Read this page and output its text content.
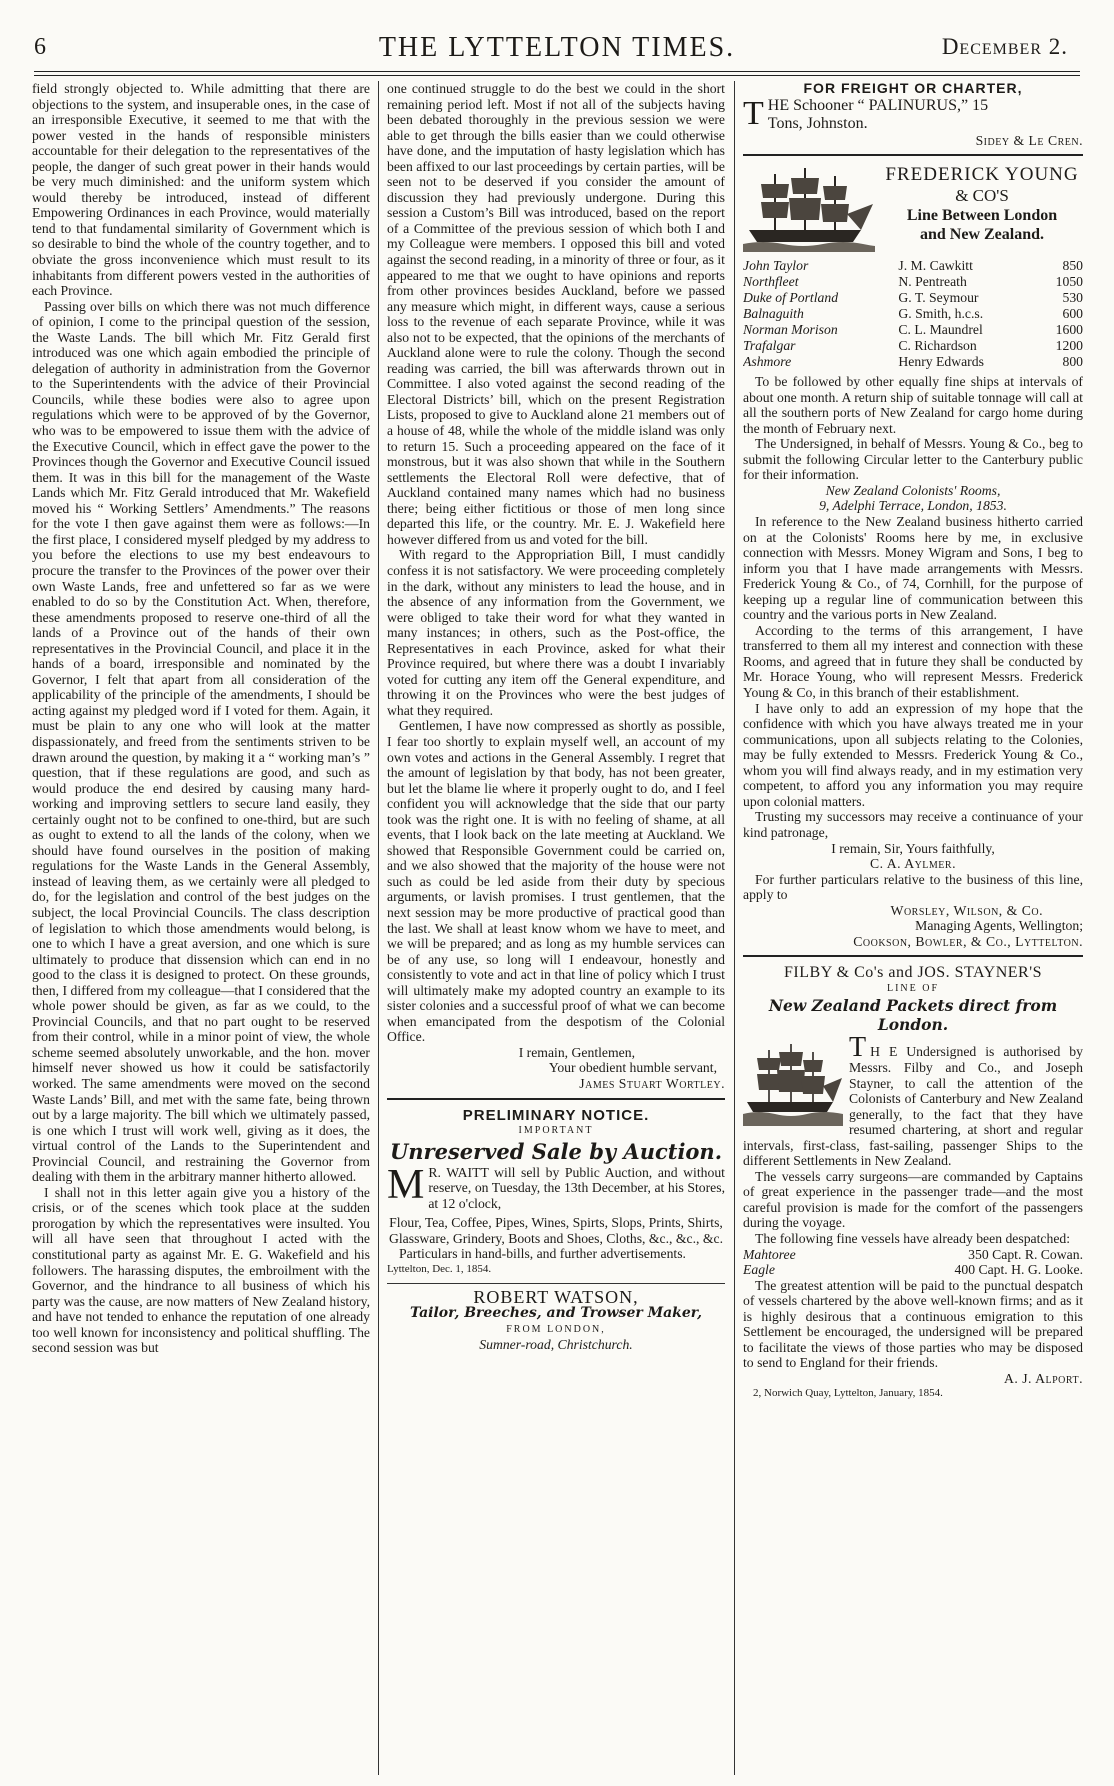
6	THE LYTTELTON TIMES.	December 2.

field strongly objected to. While admitting that there are objections to the system, and insuperable ones, in the case of an irresponsible Executive, it seemed to me that with the power vested in the hands of responsible ministers accountable for their delegation to the representatives of the people, the danger of such great power in their hands would be very much diminished: and the uniform system which would thereby be introduced, instead of different Empowering Ordinances in each Province, would materially tend to that fundamental similarity of Government which is so desirable to bind the whole of the country together, and to obviate the gross inconvenience which must result to its inhabitants from different powers vested in the authorities of each Province.

Passing over bills on which there was not much difference of opinion, I come to the principal question of the session, the Waste Lands. The bill which Mr. Fitz Gerald first introduced was one which again embodied the principle of delegation of authority in administration from the Governor to the Superintendents with the advice of their Provincial Councils, while these bodies were also to agree upon regulations which were to be approved of by the Governor, who was to be empowered to issue them with the advice of the Executive Council, which in effect gave the power to the Provinces though the Governor and Executive Council issued them. It was in this bill for the management of the Waste Lands which Mr. Fitz Gerald introduced that Mr. Wakefield moved his “ Working Settlers’ Amendments.” The reasons for the vote I then gave against them were as follows:—In the first place, I considered myself pledged by my address to you before the elections to use my best endeavours to procure the transfer to the Provinces of the power over their own Waste Lands, free and unfettered so far as we were enabled to do so by the Constitution Act. When, therefore, these amendments proposed to reserve one-third of all the lands of a Province out of the hands of their own representatives in the Provincial Council, and place it in the hands of a board, irresponsible and nominated by the Governor, I felt that apart from all consideration of the applicability of the principle of the amendments, I should be acting against my pledged word if I voted for them. Again, it must be plain to any one who will look at the matter dispassionately, and freed from the sentiments striven to be drawn around the question, by making it a “ working man’s ” question, that if these regulations are good, and such as would produce the end desired by causing many hard-working and improving settlers to secure land easily, they certainly ought not to be confined to one-third, but are such as ought to extend to all the lands of the colony, when we should have found ourselves in the position of making regulations for the Waste Lands in the General Assembly, instead of leaving them, as we certainly were all pledged to do, for the legislation and control of the best judges on the subject, the local Provincial Councils. The class description of legislation to which those amendments would belong, is one to which I have a great aversion, and one which is sure ultimately to produce that dissension which can end in no good to the class it is designed to protect. On these grounds, then, I differed from my colleague—that I considered that the whole power should be given, as far as we could, to the Provincial Councils, and that no part ought to be reserved from their control, while in a minor point of view, the whole scheme seemed absolutely unworkable, and the hon. mover himself never showed us how it could be satisfactorily worked. The same amendments were moved on the second Waste Lands’ Bill, and met with the same fate, being thrown out by a large majority. The bill which we ultimately passed, is one which I trust will work well, giving as it does, the virtual control of the Lands to the Superintendent and Provincial Council, and restraining the Governor from dealing with them in the arbitrary manner hitherto allowed.

I shall not in this letter again give you a history of the crisis, or of the scenes which took place at the sudden prorogation by which the representatives were insulted. You will all have seen that throughout I acted with the constitutional party as against Mr. E. G. Wakefield and his followers. The harassing disputes, the embroilment with the Governor, and the hindrance to all business of which his party was the cause, are now matters of New Zealand history, and have not tended to enhance the reputation of one already too well known for inconsistency and political shuffling. The second session was but

one continued struggle to do the best we could in the short remaining period left. Most if not all of the subjects having been debated thoroughly in the previous session we were able to get through the bills easier than we could otherwise have done, and the imputation of hasty legislation which has been affixed to our last proceedings by certain parties, will be seen not to be deserved if you consider the amount of discussion they had previously undergone. During this session a Custom’s Bill was introduced, based on the report of a Committee of the previous session of which both I and my Colleague were members. I opposed this bill and voted against the second reading, in a minority of three or four, as it appeared to me that we ought to have opinions and reports from other provinces besides Auckland, before we passed any measure which might, in different ways, cause a serious loss to the revenue of each separate Province, while it was also not to be expected, that the opinions of the merchants of Auckland alone were to rule the colony. Though the second reading was carried, the bill was afterwards thrown out in Committee. I also voted against the second reading of the Electoral Districts’ bill, which on the present Registration Lists, proposed to give to Auckland alone 21 members out of a house of 48, while the whole of the middle island was only to return 15. Such a proceeding appeared on the face of it monstrous, but it was also shown that while in the Southern settlements the Electoral Roll were defective, that of Auckland contained many names which had no business there; being either fictitious or those of men long since departed this life, or the country. Mr. E. J. Wakefield here however differed from us and voted for the bill.

With regard to the Appropriation Bill, I must candidly confess it is not satisfactory. We were proceeding completely in the dark, without any ministers to lead the house, and in the absence of any information from the Government, we were obliged to take their word for what they wanted in many instances; in others, such as the Post-office, the Representatives in each Province, asked for what their Province required, but where there was a doubt I invariably voted for cutting any item off the General expenditure, and throwing it on the Provinces who were the best judges of what they required.

Gentlemen, I have now compressed as shortly as possible, I fear too shortly to explain myself well, an account of my own votes and actions in the General Assembly. I regret that the amount of legislation by that body, has not been greater, but let the blame lie where it properly ought to do, and I feel confident you will acknowledge that the side that our party took was the right one. It is with no feeling of shame, at all events, that I look back on the late meeting at Auckland. We showed that Responsible Government could be carried on, and we also showed that the majority of the house were not such as could be led aside from their duty by specious arguments, or lavish promises. I trust gentlemen, that the next session may be more productive of practical good than the last. We shall at least know whom we have to meet, and we will be prepared; and as long as my humble services can be of any use, so long will I endeavour, honestly and consistently to vote and act in that line of policy which I trust will ultimately make my adopted country an example to its sister colonies and a successful proof of what we can become when emancipated from the despotism of the Colonial Office.

I remain, Gentlemen,

Your obedient humble servant,

James Stuart Wortley.

PRELIMINARY NOTICE.
IMPORTANT
Unreserved Sale by Auction.

M R. WAITT will sell by Public Auction, and without reserve, on Tuesday, the 13th December, at his Stores, at 12 o'clock,

Flour, Tea, Coffee, Pipes, Wines, Spirts, Slops, Prints, Shirts, Glassware, Grindery, Boots and Shoes, Cloths, &c., &c., &c.

Particulars in hand-bills, and further advertisements.

Lyttelton, Dec. 1, 1854.

ROBERT WATSON,
Tailor, Breeches, and Trowser Maker,
FROM LONDON,
Sumner-road, Christchurch.
FOR FREIGHT OR CHARTER,

THE Schooner “ PALINURUS,” 15
Tons, Johnston.

Sidey & Le Cren.

FREDERICK YOUNG
& CO'S
Line Between London
and New Zealand.
John Taylor	J. M. Cawkitt	850
Northfleet	N. Pentreath	1050
Duke of Portland	G. T. Seymour	530
Balnaguith	G. Smith, h.c.s.	600
Norman Morison	C. L. Maundrel	1600
Trafalgar	C. Richardson	1200
Ashmore	Henry Edwards	800

To be followed by other equally fine ships at intervals of about one month. A return ship of suitable tonnage will call at all the southern ports of New Zealand for cargo home during the month of February next.

The Undersigned, in behalf of Messrs. Young & Co., beg to submit the following Circular letter to the Canterbury public for their information.

New Zealand Colonists' Rooms,

9, Adelphi Terrace, London, 1853.

In reference to the New Zealand business hitherto carried on at the Colonists' Rooms here by me, in exclusive connection with Messrs. Money Wigram and Sons, I beg to inform you that I have made arrangements with Messrs. Frederick Young & Co., of 74, Cornhill, for the purpose of keeping up a regular line of communication between this country and the various ports in New Zealand.

According to the terms of this arrangement, I have transferred to them all my interest and connection with these Rooms, and agreed that in future they shall be conducted by Mr. Horace Young, who will represent Messrs. Frederick Young & Co, in this branch of their establishment.

I have only to add an expression of my hope that the confidence with which you have always treated me in your communications, upon all subjects relating to the Colonies, may be fully extended to Messrs. Frederick Young & Co., whom you will find always ready, and in my estimation very competent, to afford you any information you may require upon colonial matters.

Trusting my successors may receive a continuance of your kind patronage,

I remain, Sir, Yours faithfully,

C. A. Aylmer.

For further particulars relative to the business of this line, apply to

Worsley, Wilson, & Co.

Managing Agents, Wellington;

Cookson, Bowler, & Co., Lyttelton.

FILBY & Co's and JOS. STAYNER'S
LINE OF
New Zealand Packets direct from London.

T H E Undersigned is authorised by Messrs. Filby and Co., and Joseph Stayner, to call the attention of the Colonists of Canterbury and New Zealand generally, to the fact that they have resumed chartering, at short and regular intervals, first-class, fast-sailing, passenger Ships to the different Settlements in New Zealand.

The vessels carry surgeons—are commanded by Captains of great experience in the passenger trade—and the most careful provision is made for the comfort of the passengers during the voyage.

The following fine vessels have already been despatched:

Mahtoree	350 Capt. R. Cowan.
Eagle	400 Capt. H. G. Looke.

The greatest attention will be paid to the punctual despatch of vessels chartered by the above well-known firms; and as it is highly desirous that a continuous emigration to this Settlement be encouraged, the undersigned will be prepared to facilitate the views of those parties who may be disposed to send to England for their friends.

A. J. Alport.

2, Norwich Quay, Lyttelton, January, 1854.
